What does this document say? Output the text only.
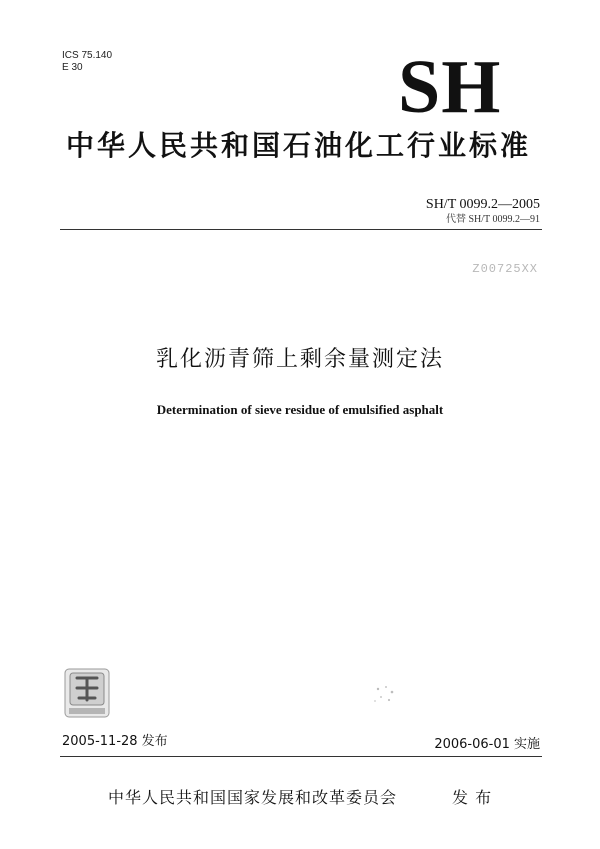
ICS 75.140
E 30	SH
中华人民共和国石油化工行业标准
SH/T 0099.2—2005
代替 SH/T 0099.2—91
Z00725XX
乳化沥青筛上剩余量测定法
Determination of sieve residue of emulsified asphalt
2005-11-28 发布	2006-06-01 实施
中华人民共和国国家发展和改革委员会	发 布
